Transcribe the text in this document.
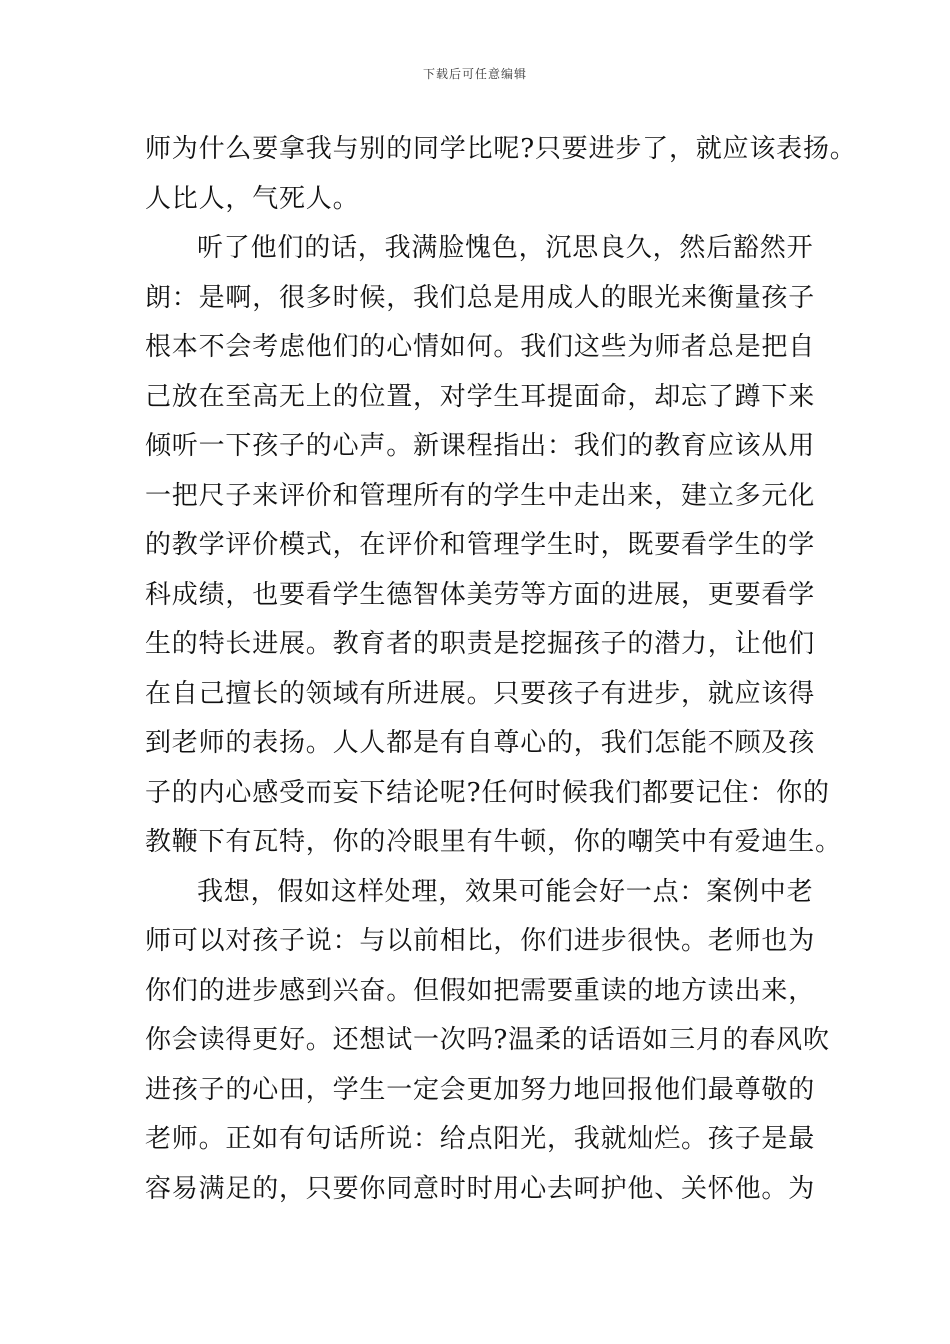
下载后可任意编辑
师为什么要拿我与别的同学比呢?只要进步了，就应该表扬。
人比人，气死人。
听了他们的话，我满脸愧色，沉思良久，然后豁然开
朗：是啊，很多时候，我们总是用成人的眼光来衡量孩子
根本不会考虑他们的心情如何。我们这些为师者总是把自
己放在至高无上的位置，对学生耳提面命，却忘了蹲下来
倾听一下孩子的心声。新课程指出：我们的教育应该从用
一把尺子来评价和管理所有的学生中走出来，建立多元化
的教学评价模式，在评价和管理学生时，既要看学生的学
科成绩，也要看学生德智体美劳等方面的进展，更要看学
生的特长进展。教育者的职责是挖掘孩子的潜力，让他们
在自己擅长的领域有所进展。只要孩子有进步，就应该得
到老师的表扬。人人都是有自尊心的，我们怎能不顾及孩
子的内心感受而妄下结论呢?任何时候我们都要记住：你的
教鞭下有瓦特，你的冷眼里有牛顿，你的嘲笑中有爱迪生。
我想，假如这样处理，效果可能会好一点：案例中老
师可以对孩子说：与以前相比，你们进步很快。老师也为
你们的进步感到兴奋。但假如把需要重读的地方读出来，
你会读得更好。还想试一次吗?温柔的话语如三月的春风吹
进孩子的心田，学生一定会更加努力地回报他们最尊敬的
老师。正如有句话所说：给点阳光，我就灿烂。孩子是最
容易满足的，只要你同意时时用心去呵护他、关怀他。为
